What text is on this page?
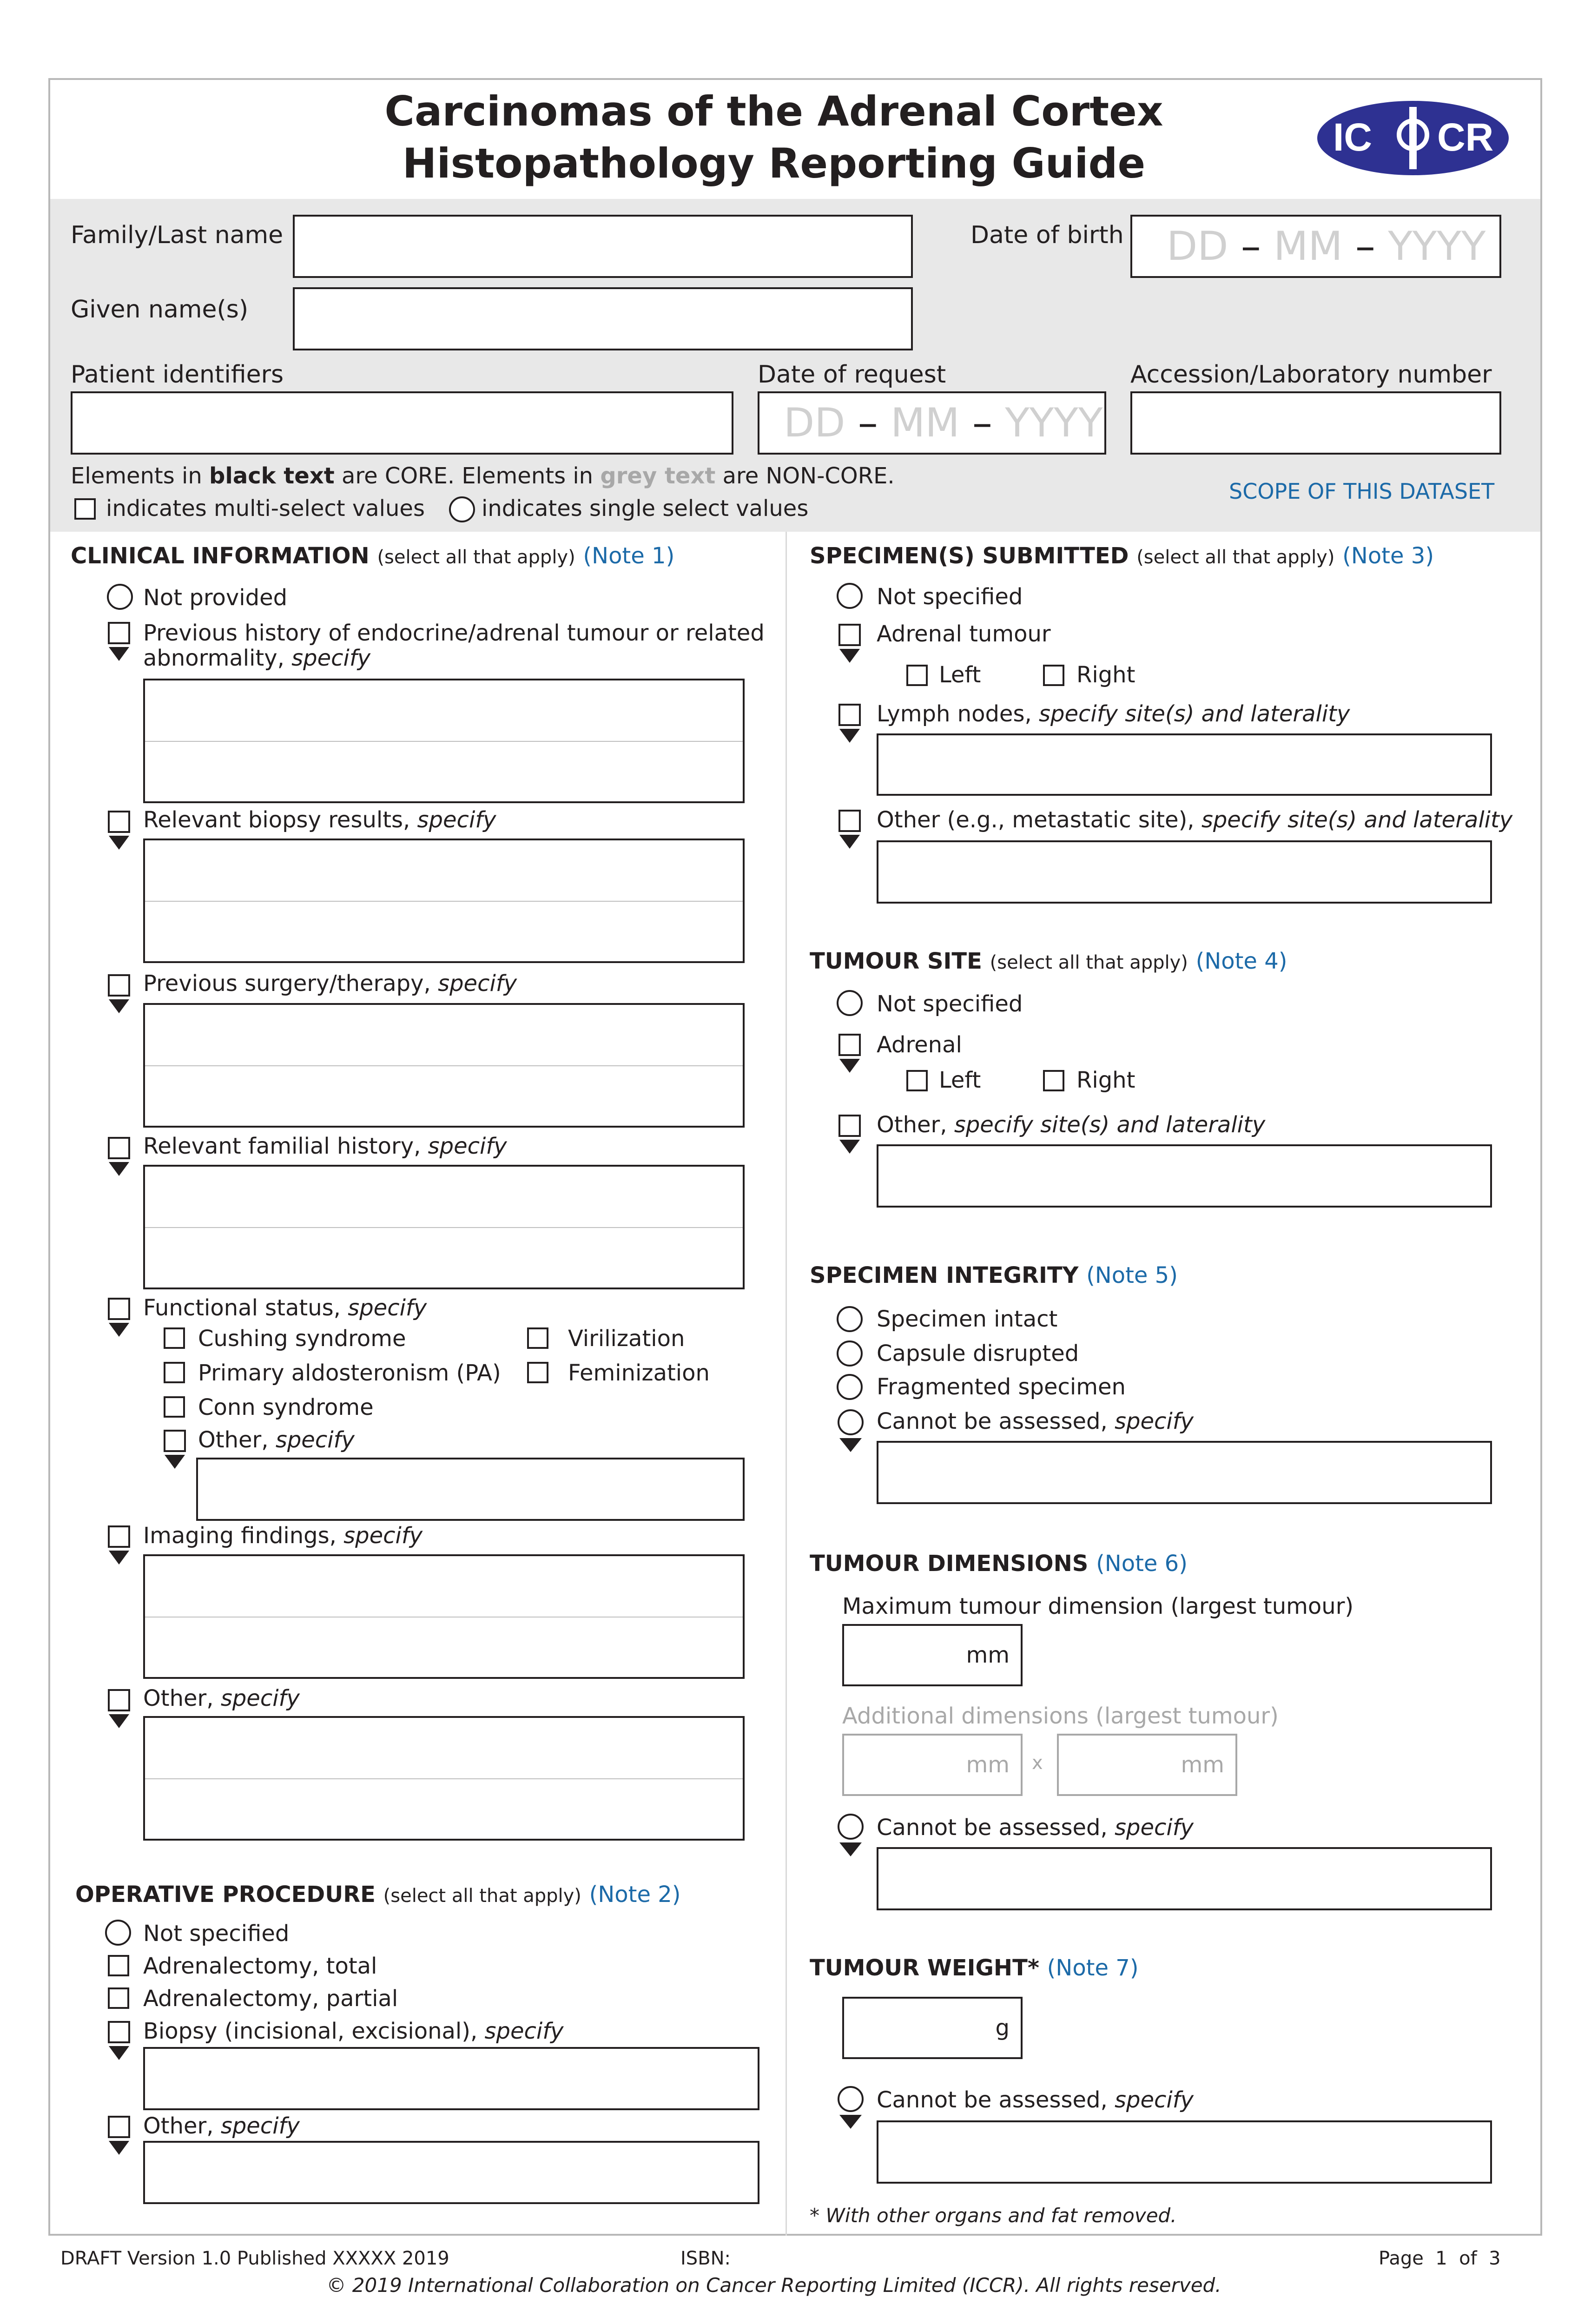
Carcinomas of the Adrenal Cortex
Histopathology Reporting Guide
IC CR
Family/Last name	Date of birth DD – MM – YYYY
Given name(s)
Patient identifiers	Date of request
DD – MM – YYYY
Accession/Laboratory number
Elements in black text are CORE. Elements in grey text are NON-CORE.
indicates multi-select values	indicates single select values
SCOPE OF THIS DATASET
CLINICAL INFORMATION (select all that apply) (Note 1)
Not provided
Previous history of endocrine/adrenal tumour or related
abnormality, specify
Relevant biopsy results, specify
Previous surgery/therapy, specify
Relevant familial history, specify
Functional status, specify
Cushing syndrome	Virilization
Primary aldosteronism (PA)	Feminization
Conn syndrome
Other, specify
Imaging findings, specify
Other, specify
OPERATIVE PROCEDURE (select all that apply) (Note 2)
Not specified
Adrenalectomy, total
Adrenalectomy, partial
Biopsy (incisional, excisional), specify
Other, specify
SPECIMEN(S) SUBMITTED (select all that apply) (Note 3)
Not specified
Adrenal tumour
Left	Right
Lymph nodes, specify site(s) and laterality
Other (e.g., metastatic site), specify site(s) and laterality
TUMOUR SITE (select all that apply) (Note 4)
Not specified
Adrenal
Left	Right
Other, specify site(s) and laterality
SPECIMEN INTEGRITY (Note 5)
Specimen intact
Capsule disrupted
Fragmented specimen
Cannot be assessed, specify
TUMOUR DIMENSIONS (Note 6)
Maximum tumour dimension (largest tumour)
mm
Additional dimensions (largest tumour)
mm x	mm
Cannot be assessed, specify
TUMOUR WEIGHT* (Note 7)
g
Cannot be assessed, specify
* With other organs and fat removed.
DRAFT Version 1.0 Published XXXXX 2019	ISBN:	Page  1  of  3
© 2019 International Collaboration on Cancer Reporting Limited (ICCR). All rights reserved.
